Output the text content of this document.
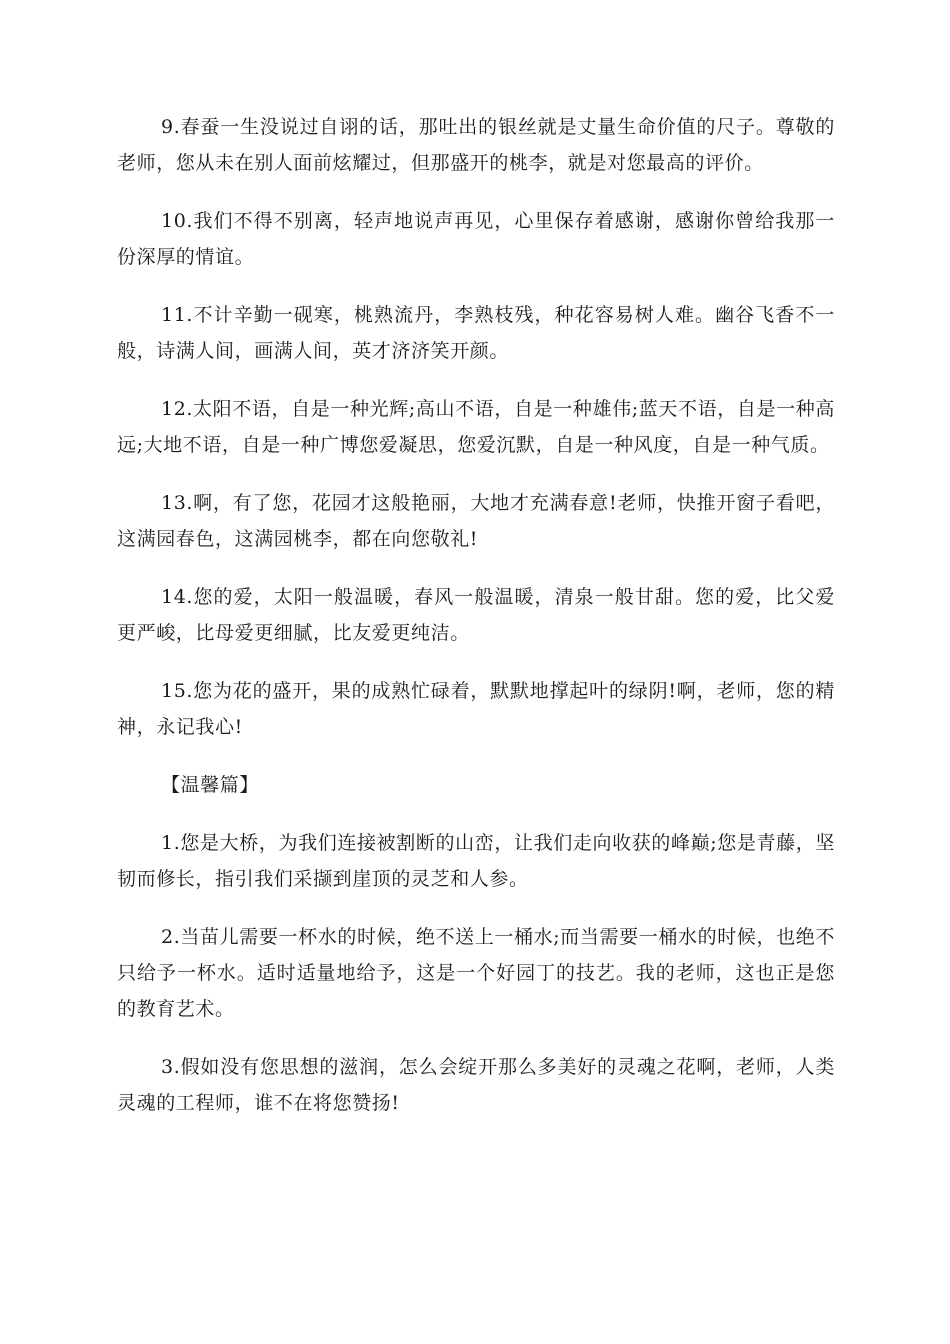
9.春蚕一生没说过自诩的话，那吐出的银丝就是丈量生命价值的尺子。尊敬的老师，您从未在别人面前炫耀过，但那盛开的桃李，就是对您最高的评价。

10.我们不得不别离，轻声地说声再见，心里保存着感谢，感谢你曾给我那一份深厚的情谊。

11.不计辛勤一砚寒，桃熟流丹，李熟枝残，种花容易树人难。幽谷飞香不一般，诗满人间，画满人间，英才济济笑开颜。

12.太阳不语，自是一种光辉;高山不语，自是一种雄伟;蓝天不语，自是一种高远;大地不语，自是一种广博您爱凝思，您爱沉默，自是一种风度，自是一种气质。

13.啊，有了您，花园才这般艳丽，大地才充满春意!老师，快推开窗子看吧，这满园春色，这满园桃李，都在向您敬礼!

14.您的爱，太阳一般温暖，春风一般温暖，清泉一般甘甜。您的爱，比父爱更严峻，比母爱更细腻，比友爱更纯洁。

15.您为花的盛开，果的成熟忙碌着，默默地撑起叶的绿阴!啊，老师，您的精神，永记我心!

【温馨篇】

1.您是大桥，为我们连接被割断的山峦，让我们走向收获的峰巅;您是青藤，坚韧而修长，指引我们采撷到崖顶的灵芝和人参。

2.当苗儿需要一杯水的时候，绝不送上一桶水;而当需要一桶水的时候，也绝不只给予一杯水。适时适量地给予，这是一个好园丁的技艺。我的老师，这也正是您的教育艺术。

3.假如没有您思想的滋润，怎么会绽开那么多美好的灵魂之花啊，老师，人类灵魂的工程师，谁不在将您赞扬!
